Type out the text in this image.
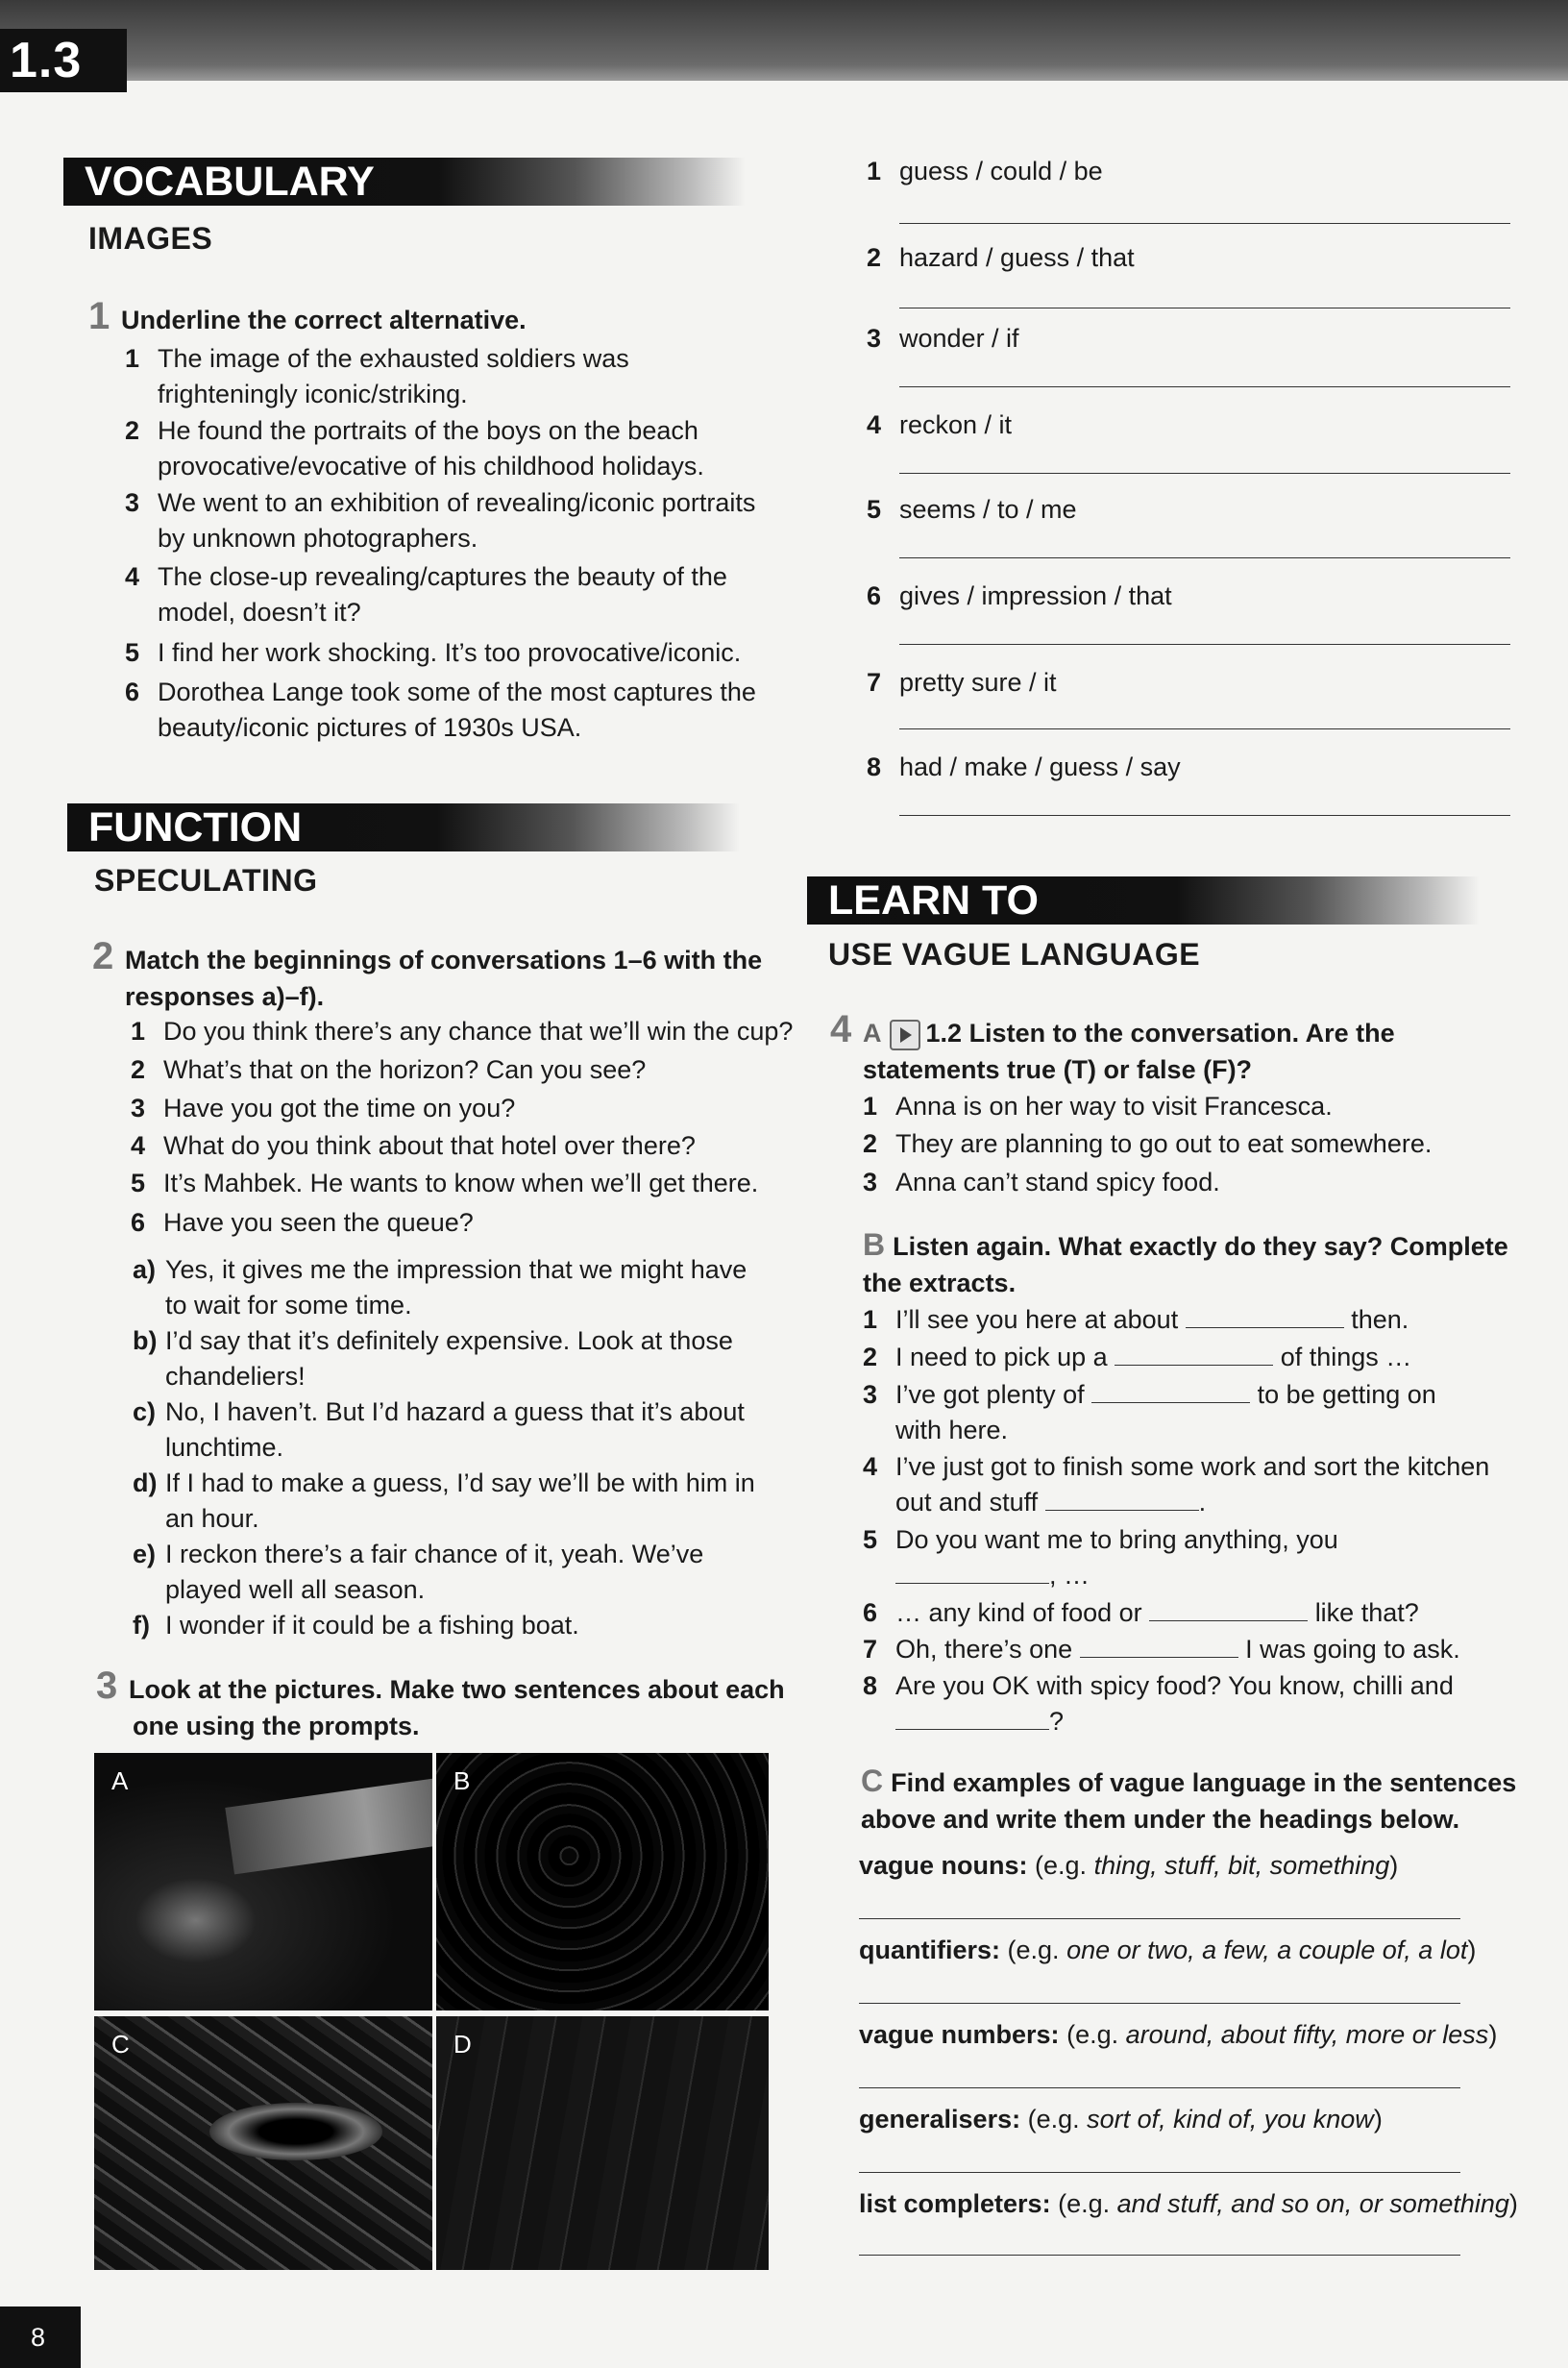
1.3
VOCABULARY
IMAGES
1 Underline the correct alternative.
1 The image of the exhausted soldiers was
frighteningly iconic/striking.
2 He found the portraits of the boys on the beach
provocative/evocative of his childhood holidays.
3 We went to an exhibition of revealing/iconic portraits
by unknown photographers.
4 The close-up revealing/captures the beauty of the
model, doesn’t it?
5 I find her work shocking. It’s too provocative/iconic.
6 Dorothea Lange took some of the most captures the
beauty/iconic pictures of 1930s USA.
FUNCTION
SPECULATING
2 Match the beginnings of conversations 1–6 with the
responses a)–f).
1 Do you think there’s any chance that we’ll win the cup?
2 What’s that on the horizon? Can you see?
3 Have you got the time on you?
4 What do you think about that hotel over there?
5 It’s Mahbek. He wants to know when we’ll get there.
6 Have you seen the queue?
a) Yes, it gives me the impression that we might have
to wait for some time.
b) I’d say that it’s definitely expensive. Look at those
chandeliers!
c) No, I haven’t. But I’d hazard a guess that it’s about
lunchtime.
d) If I had to make a guess, I’d say we’ll be with him in
an hour.
e) I reckon there’s a fair chance of it, yeah. We’ve
played well all season.
f) I wonder if it could be a fishing boat.
3 Look at the pictures. Make two sentences about each
one using the prompts.
A	B
C	D
1 guess / could / be
2 hazard / guess / that
3 wonder / if
4 reckon / it
5 seems / to / me
6 gives / impression / that
7 pretty sure / it
8 had / make / guess / say
LEARN TO
USE VAGUE LANGUAGE
4 A 1.2 Listen to the conversation. Are the
statements true (T) or false (F)?
1 Anna is on her way to visit Francesca.
2 They are planning to go out to eat somewhere.
3 Anna can’t stand spicy food.
B Listen again. What exactly do they say? Complete
the extracts.
1 I’ll see you here at about	then.
2 I need to pick up a	of things …
3 I’ve got plenty of	to be getting on
with here.
4 I’ve just got to finish some work and sort the kitchen
out and stuff	.
5 Do you want me to bring anything, you
, …
6 … any kind of food or	like that?
7 Oh, there’s one	I was going to ask.
8 Are you OK with spicy food? You know, chilli and
?
C Find examples of vague language in the sentences
above and write them under the headings below.
vague nouns: (e.g. thing, stuff, bit, something)
quantifiers: (e.g. one or two, a few, a couple of, a lot)
vague numbers: (e.g. around, about fifty, more or less)
generalisers: (e.g. sort of, kind of, you know)
list completers: (e.g. and stuff, and so on, or something)
8
